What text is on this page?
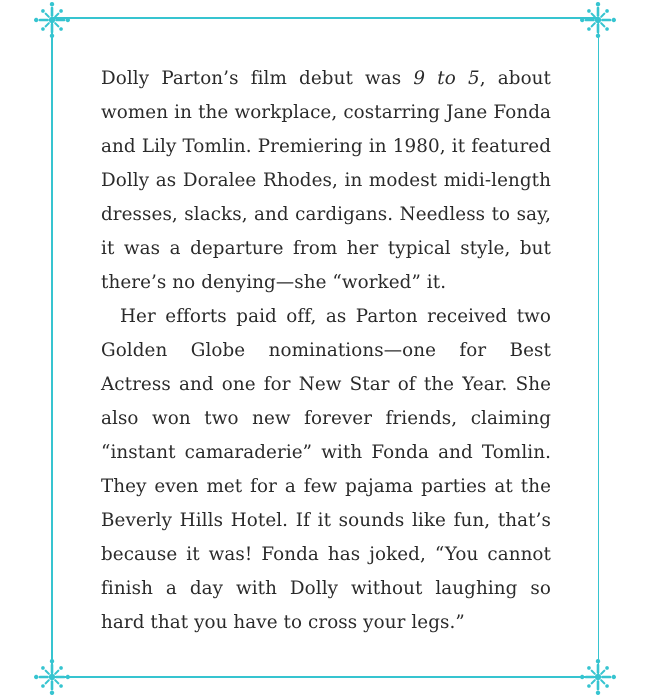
Dolly Parton’s film debut was 9 to 5, about women in the workplace, costarring Jane Fonda and Lily Tomlin. Premiering in 1980, it featured Dolly as Doralee Rhodes, in modest midi-length dresses, slacks, and cardigans. Needless to say, it was a departure from her typical style, but there’s no denying—she “worked” it.

Her efforts paid off, as Parton received two Golden Globe nominations—one for Best Actress and one for New Star of the Year. She also won two new forever friends, claiming “instant camaraderie” with Fonda and Tomlin. They even met for a few pajama parties at the Beverly Hills Hotel. If it sounds like fun, that’s because it was! Fonda has joked, “You cannot finish a day with Dolly without laughing so hard that you have to cross your legs.”
